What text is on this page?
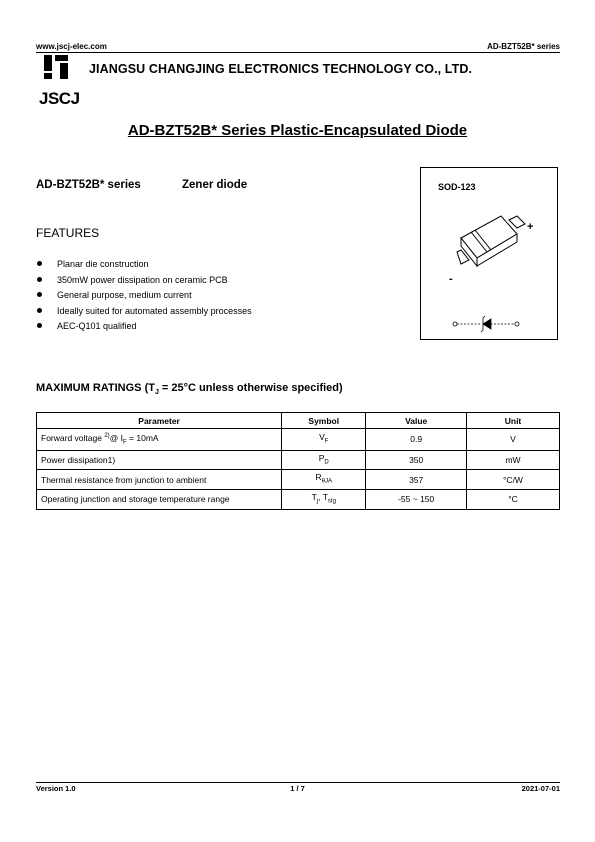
www.jscj-elec.com	AD-BZT52B* series
JSCJ
JIANGSU CHANGJING ELECTRONICS TECHNOLOGY CO., LTD.
AD-BZT52B* Series Plastic-Encapsulated Diode
AD-BZT52B* series	Zener diode
FEATURES
Planar die construction
350mW power dissipation on ceramic PCB
General purpose, medium current
Ideally suited for automated assembly processes
AEC-Q101 qualified
SOD-123
+
-
MAXIMUM RATINGS ($T_J = 25^\circ C$ unless otherwise specified)
Parameter	Symbol	Value	Unit
Forward voltage $^{2)}$@ $I_F = 10mA$	$V_F$	0.9	V
Power dissipation1)	$P_D$	350	mW
Thermal resistance from junction to ambient	$R_{\theta JA}$	357	°C/W
Operating junction and storage temperature range	$T_j$, $T_{stg}$	-55 ~ 150	°C
Version 1.0	1 / 7	2021-07-01
